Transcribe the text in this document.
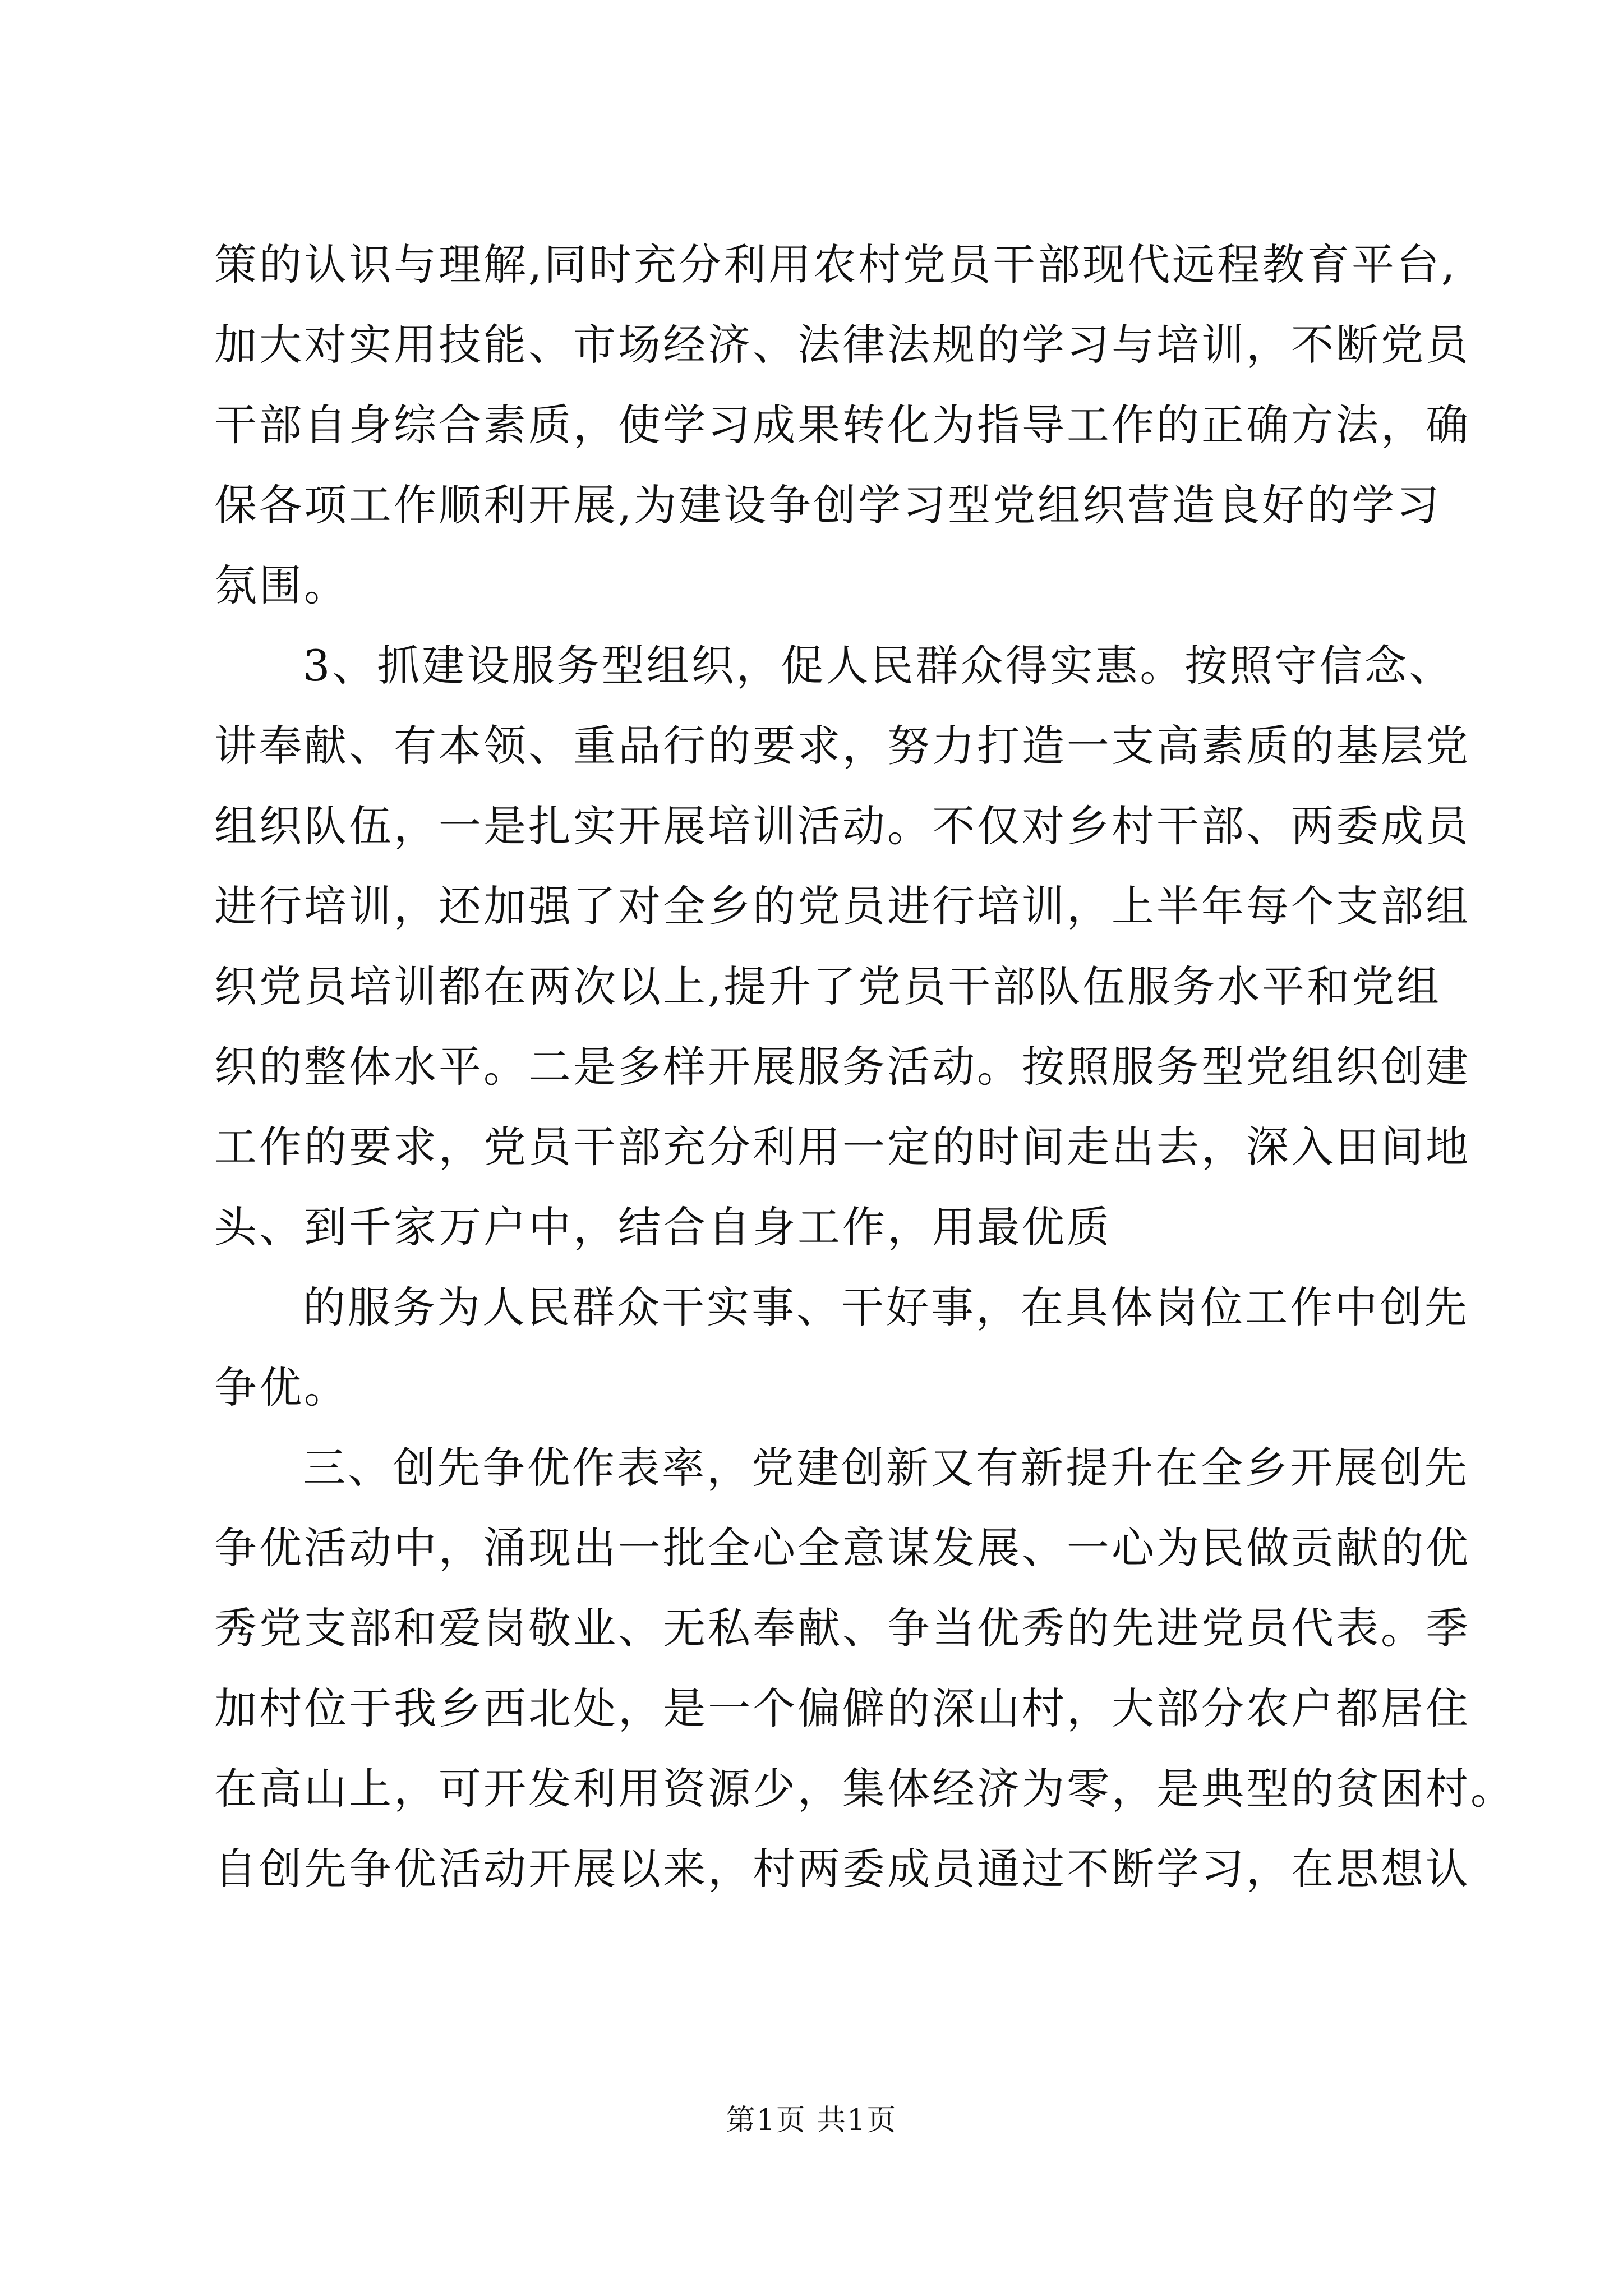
策的认识与理解,同时充分利用农村党员干部现代远程教育平台,
加大对实用技能、市场经济、法律法规的学习与培训，不断党员
干部自身综合素质，使学习成果转化为指导工作的正确方法，确
保各项工作顺利开展,为建设争创学习型党组织营造良好的学习
氛围。
3、抓建设服务型组织，促人民群众得实惠。按照守信念、
讲奉献、有本领、重品行的要求，努力打造一支高素质的基层党
组织队伍，一是扎实开展培训活动。不仅对乡村干部、两委成员
进行培训，还加强了对全乡的党员进行培训，上半年每个支部组
织党员培训都在两次以上,提升了党员干部队伍服务水平和党组
织的整体水平。二是多样开展服务活动。按照服务型党组织创建
工作的要求，党员干部充分利用一定的时间走出去，深入田间地
头、到千家万户中，结合自身工作，用最优质
的服务为人民群众干实事、干好事，在具体岗位工作中创先
争优。
三、创先争优作表率，党建创新又有新提升在全乡开展创先
争优活动中，涌现出一批全心全意谋发展、一心为民做贡献的优
秀党支部和爱岗敬业、无私奉献、争当优秀的先进党员代表。季
加村位于我乡西北处，是一个偏僻的深山村，大部分农户都居住
在高山上，可开发利用资源少，集体经济为零，是典型的贫困村。
自创先争优活动开展以来，村两委成员通过不断学习，在思想认
第1页 共1页
